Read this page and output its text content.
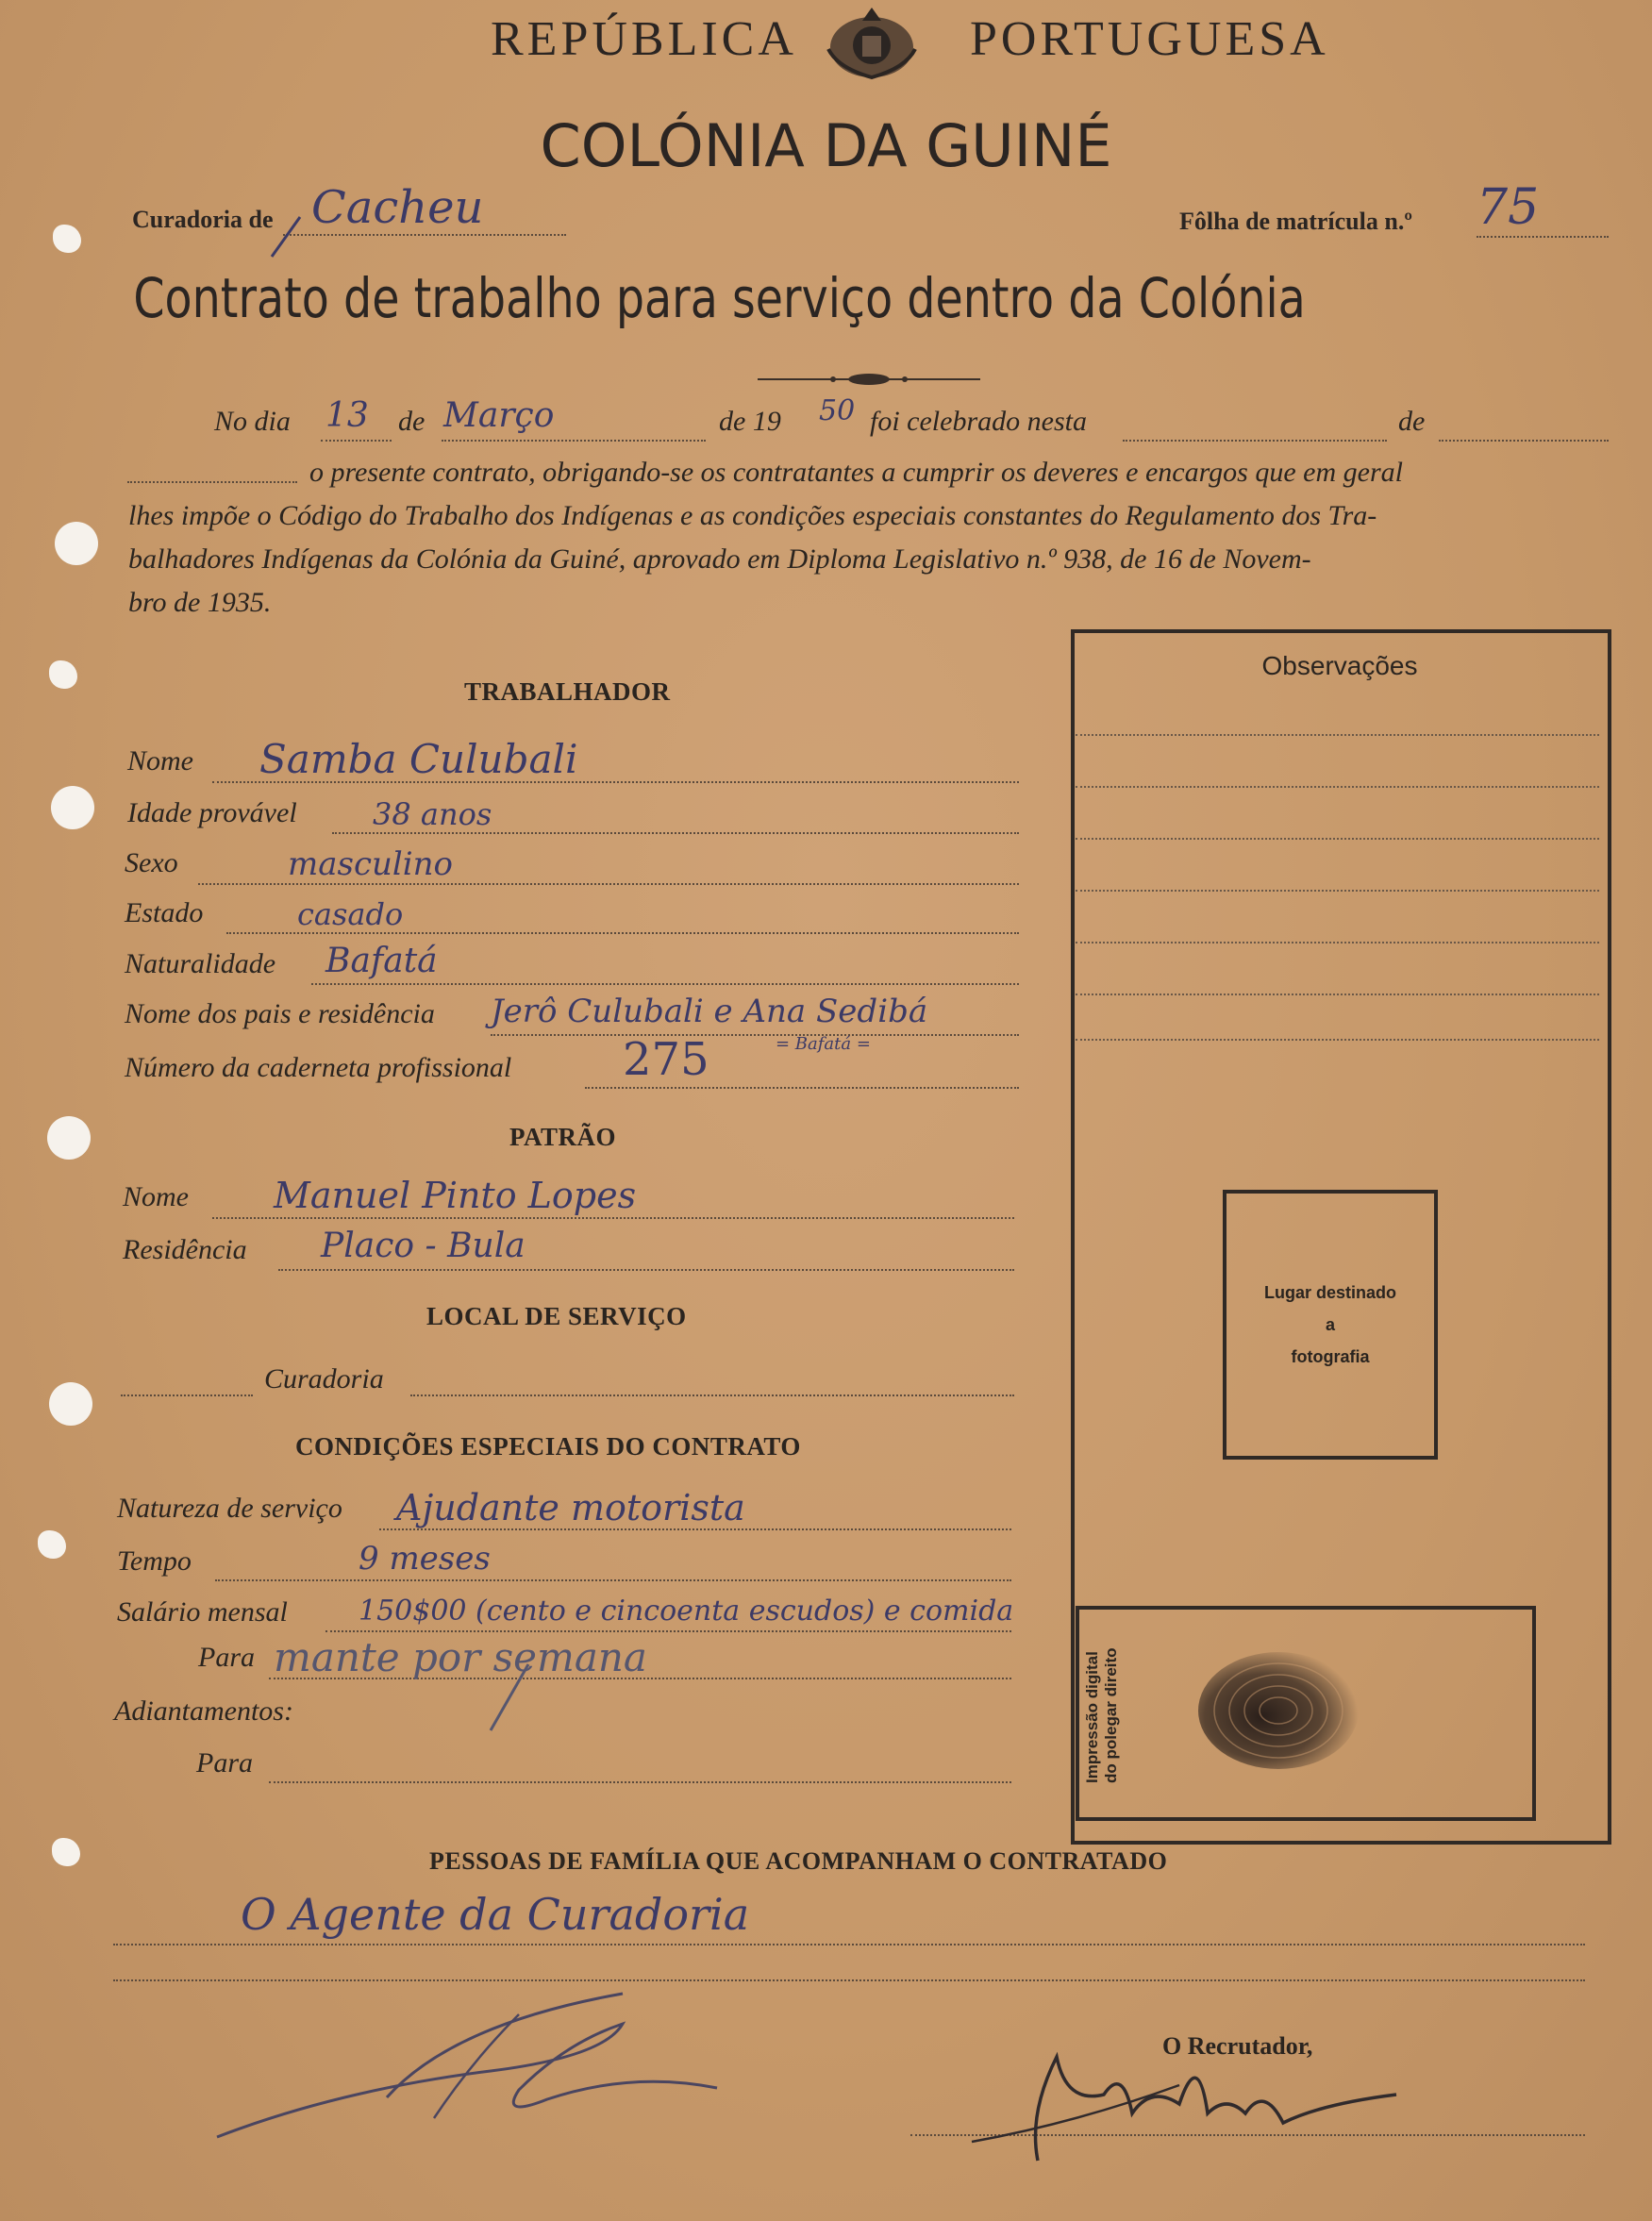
REPÚBLICA	PORTUGUESA
COLÓNIA DA GUINÉ
Curadoria de Cacheu	Fôlha de matrícula n.º 75
Contrato de trabalho para serviço dentro da Colónia
No dia 13 de Março	de 19 50 foi celebrado nesta	de
o presente contrato, obrigando-se os contratantes a cumprir os deveres e encargos que em geral
lhes impõe o Código do Trabalho dos Indígenas e as condições especiais constantes do Regulamento dos Tra-
balhadores Indígenas da Colónia da Guiné, aprovado em Diploma Legislativo n.º 938, de 16 de Novem-
bro de 1935.
Observações
Lugar destinado
a
fotografia
Impressão digital do polegar direito
TRABALHADOR
Nome Samba Culubali
Idade provável	38 anos
Sexo	masculino
Estado	casado
Naturalidade Bafatá
Nome dos pais e residência Jerô Culubali e Ana Sedibá
= Bafatá =
Número da caderneta profissional 275
PATRÃO
Nome Manuel Pinto Lopes
Residência Placo - Bula
LOCAL DE SERVIÇO
Curadoria
CONDIÇÕES ESPECIAIS DO CONTRATO
Natureza de serviço Ajudante motorista
Tempo	9 meses
Salário mensal	150$00 (cento e cincoenta escudos) e comida
Para mante por semana
Adiantamentos:
Para
PESSOAS DE FAMÍLIA QUE ACOMPANHAM O CONTRATADO
O Agente da Curadoria
O Recrutador,
